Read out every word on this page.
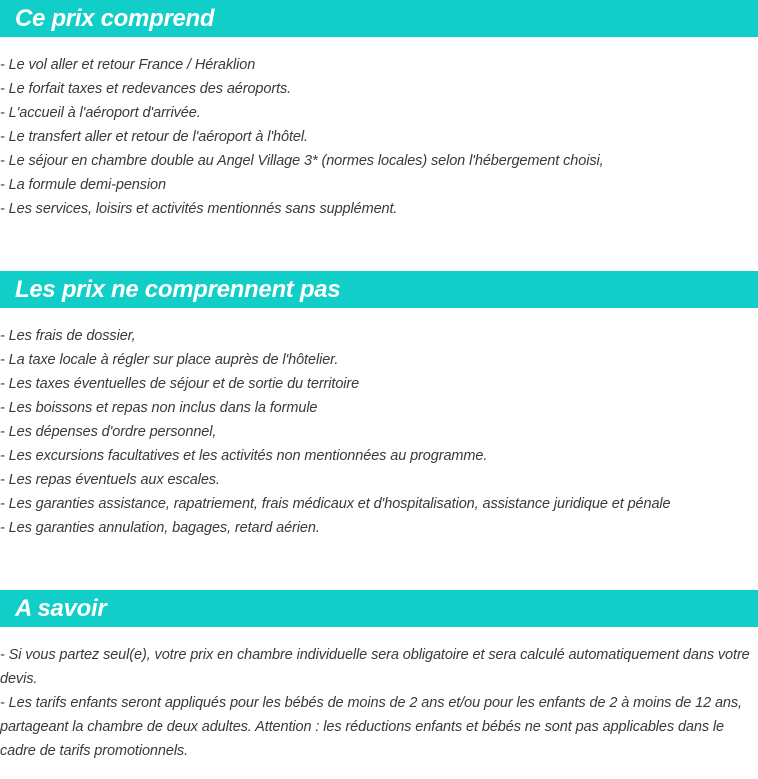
Ce prix comprend
- Le vol aller et retour France / Héraklion
- Le forfait taxes et redevances des aéroports.
- L'accueil à l'aéroport d'arrivée.
- Le transfert aller et retour de l'aéroport à l'hôtel.
- Le séjour en chambre double au Angel Village 3* (normes locales) selon l'hébergement choisi,
- La formule demi-pension
- Les services, loisirs et activités mentionnés sans supplément.
Les prix ne comprennent pas
- Les frais de dossier,
- La taxe locale à régler sur place auprès de l'hôtelier.
- Les taxes éventuelles de séjour et de sortie du territoire
- Les boissons et repas non inclus dans la formule
- Les dépenses d'ordre personnel,
- Les excursions facultatives et les activités non mentionnées au programme.
- Les repas éventuels aux escales.
- Les garanties assistance, rapatriement, frais médicaux et d'hospitalisation, assistance juridique et pénale
- Les garanties annulation, bagages, retard aérien.
A savoir
- Si vous partez seul(e), votre prix en chambre individuelle sera obligatoire et sera calculé automatiquement dans votre devis.
- Les tarifs enfants seront appliqués pour les bébés de moins de 2 ans et/ou pour les enfants de 2 à moins de 12 ans, partageant la chambre de deux adultes. Attention : les réductions enfants et bébés ne sont pas applicables dans le cadre de tarifs promotionnels.
